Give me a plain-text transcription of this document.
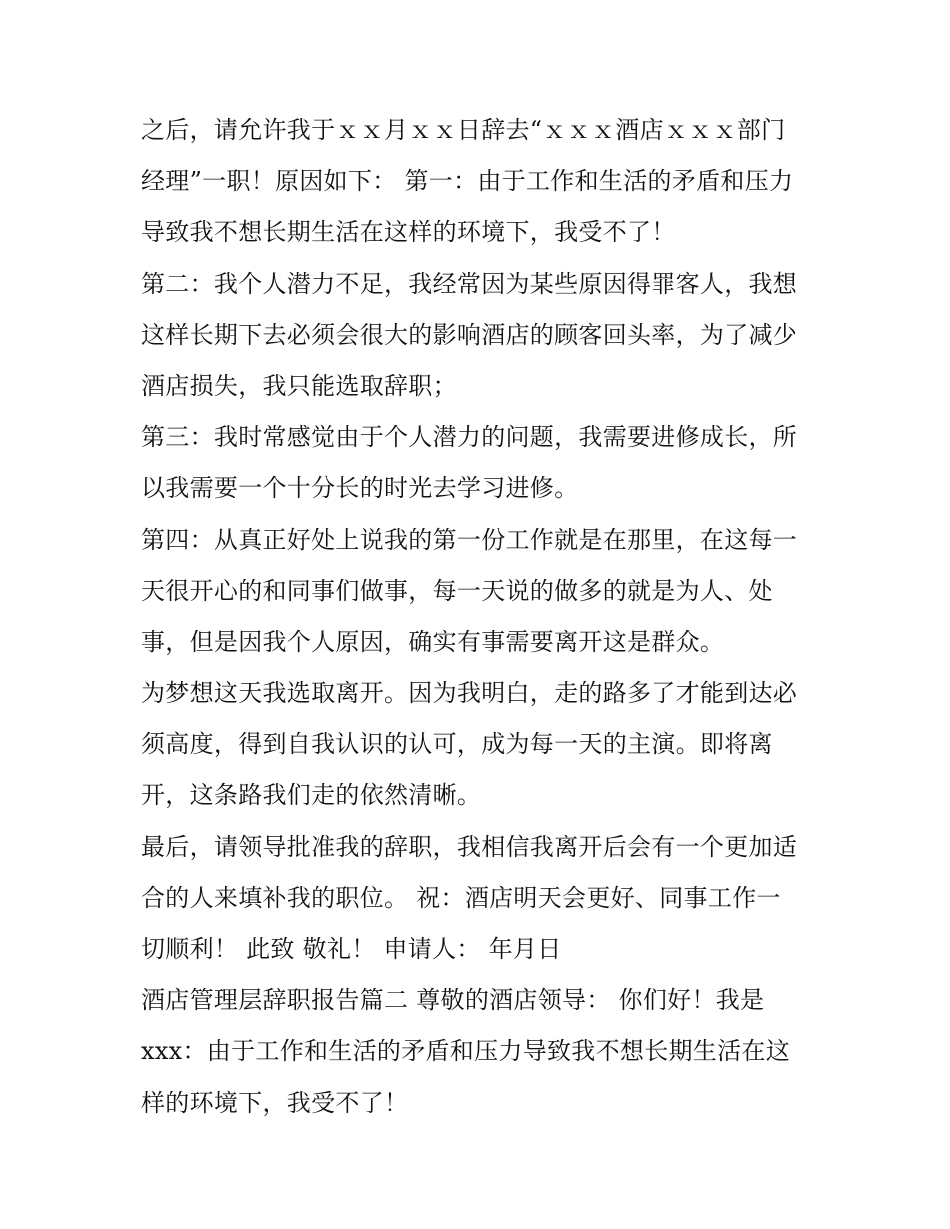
之后，请允许我于ｘｘ月ｘｘ日辞去“ｘｘｘ酒店ｘｘｘ部门
经理”一职！原因如下： 第一：由于工作和生活的矛盾和压力
导致我不想长期生活在这样的环境下，我受不了！
第二：我个人潜力不足，我经常因为某些原因得罪客人，我想
这样长期下去必须会很大的影响酒店的顾客回头率，为了减少
酒店损失，我只能选取辞职；
第三：我时常感觉由于个人潜力的问题，我需要进修成长，所
以我需要一个十分长的时光去学习进修。
第四：从真正好处上说我的第一份工作就是在那里，在这每一
天很开心的和同事们做事，每一天说的做多的就是为人、处
事，但是因我个人原因，确实有事需要离开这是群众。
为梦想这天我选取离开。因为我明白，走的路多了才能到达必
须高度，得到自我认识的认可，成为每一天的主演。即将离
开，这条路我们走的依然清晰。
最后，请领导批准我的辞职，我相信我离开后会有一个更加适
合的人来填补我的职位。 祝：酒店明天会更好、同事工作一
切顺利！ 此致 敬礼！ 申请人： 年月日
酒店管理层辞职报告篇二 尊敬的酒店领导： 你们好！我是
xxx：由于工作和生活的矛盾和压力导致我不想长期生活在这
样的环境下，我受不了！
